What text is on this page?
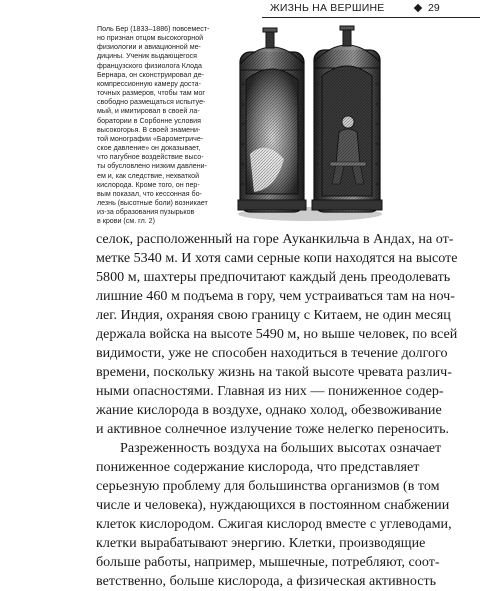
ЖИЗНЬ НА ВЕРШИНЕ	29
Поль Бер (1833–1886) повсемест-
но признан отцом высокогорной
физиологии и авиационной ме-
дицины. Ученик выдающегося
французского физиолога Клода
Бернара, он сконструировал де-
компрессионную камеру доста-
точных размеров, чтобы там мог
свободно размещаться испытуе-
мый, и имитировал в своей ла-
боратории в Сорбонне условия
высокогорья. В своей знамени-
той монографии «Барометриче-
ское давление» он доказывает,
что пагубное воздействие высо-
ты обусловлено низким давлени-
ем и, как следствие, нехваткой
кислорода. Кроме того, он пер-
вым показал, что кессонная бо-
лезнь (высотные боли) возникает
из-за образования пузырьков
в крови (см. гл. 2)
селок, расположенный на горе Ауканкильча в Андах, на от-
метке 5340 м. И хотя сами серные копи находятся на высоте
5800 м, шахтеры предпочитают каждый день преодолевать
лишние 460 м подъема в гору, чем устраиваться там на ноч-
лег. Индия, охраняя свою границу с Китаем, не один месяц
держала войска на высоте 5490 м, но выше человек, по всей
видимости, уже не способен находиться в течение долгого
времени, поскольку жизнь на такой высоте чревата различ-
ными опасностями. Главная из них — пониженное содер-
жание кислорода в воздухе, однако холод, обезвоживание
и активное солнечное излучение тоже нелегко переносить.
Разреженность воздуха на больших высотах означает
пониженное содержание кислорода, что представляет
серьезную проблему для большинства организмов (в том
числе и человека), нуждающихся в постоянном снабжении
клеток кислородом. Сжигая кислород вместе с углеводами,
клетки вырабатывают энергию. Клетки, производящие
больше работы, например, мышечные, потребляют, соот-
ветственно, больше кислорода, а физическая активность
